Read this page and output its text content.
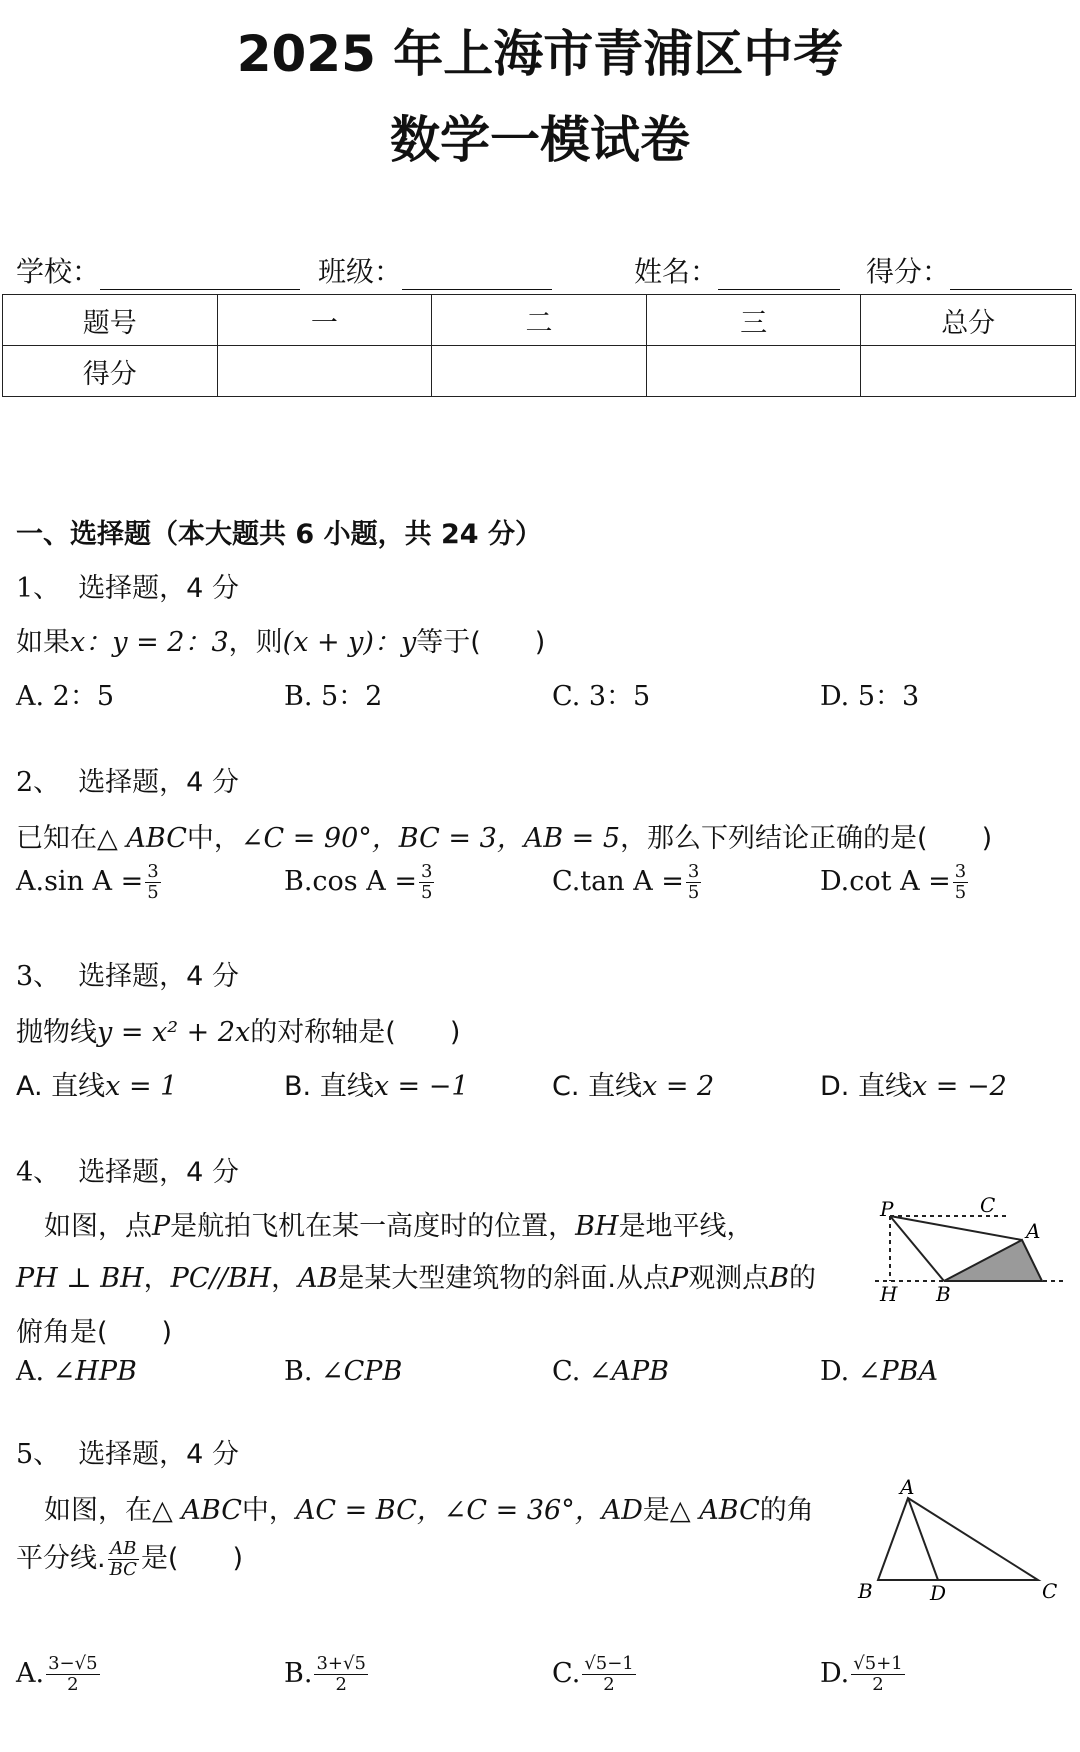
2025 年上海市青浦区中考
数学一模试卷
学校：	班级：	姓名：	得分：
题号	一	二	三	总分
得分				
一、选择题（本大题共 6 小题，共 24 分）
1、 选择题，4 分
如果x：y = 2：3，则(x + y)：y等于(　　)
A. 2：5	B. 5：2	C. 3：5	D. 5：3
2、 选择题，4 分
已知在△ ABC中，∠C = 90°，BC = 3，AB = 5，那么下列结论正确的是(　　)
A.sin $A = \frac{3}{5}$	B.cos $A = \frac{3}{5}$	C.tan $A = \frac{3}{5}$	D.cot $A = \frac{3}{5}$
3、 选择题，4 分
抛物线y = x² + 2x的对称轴是(　　)
A. 直线x = 1	B. 直线x = −1	C. 直线x = 2	D. 直线x = −2
4、 选择题，4 分
如图，点P是航拍飞机在某一高度时的位置，BH是地平线，
PH ⊥ BH，PC//BH，AB是某大型建筑物的斜面.从点P观测点B的
俯角是(　　)
P	C
A
H B
A. ∠HPB	B. ∠CPB	C. ∠APB	D. ∠PBA
5、 选择题，4 分
如图，在△ ABC中，AC = BC，∠C = 36°，AD是△ ABC的角
平分线. $\frac{AB}{BC}$ 是(　　)
A
B	D	C
A. $\frac{3-√5}{2}$	B. $\frac{3+√5}{2}$	C. $\frac{√5-1}{2}$	D. $\frac{√5+1}{2}$
